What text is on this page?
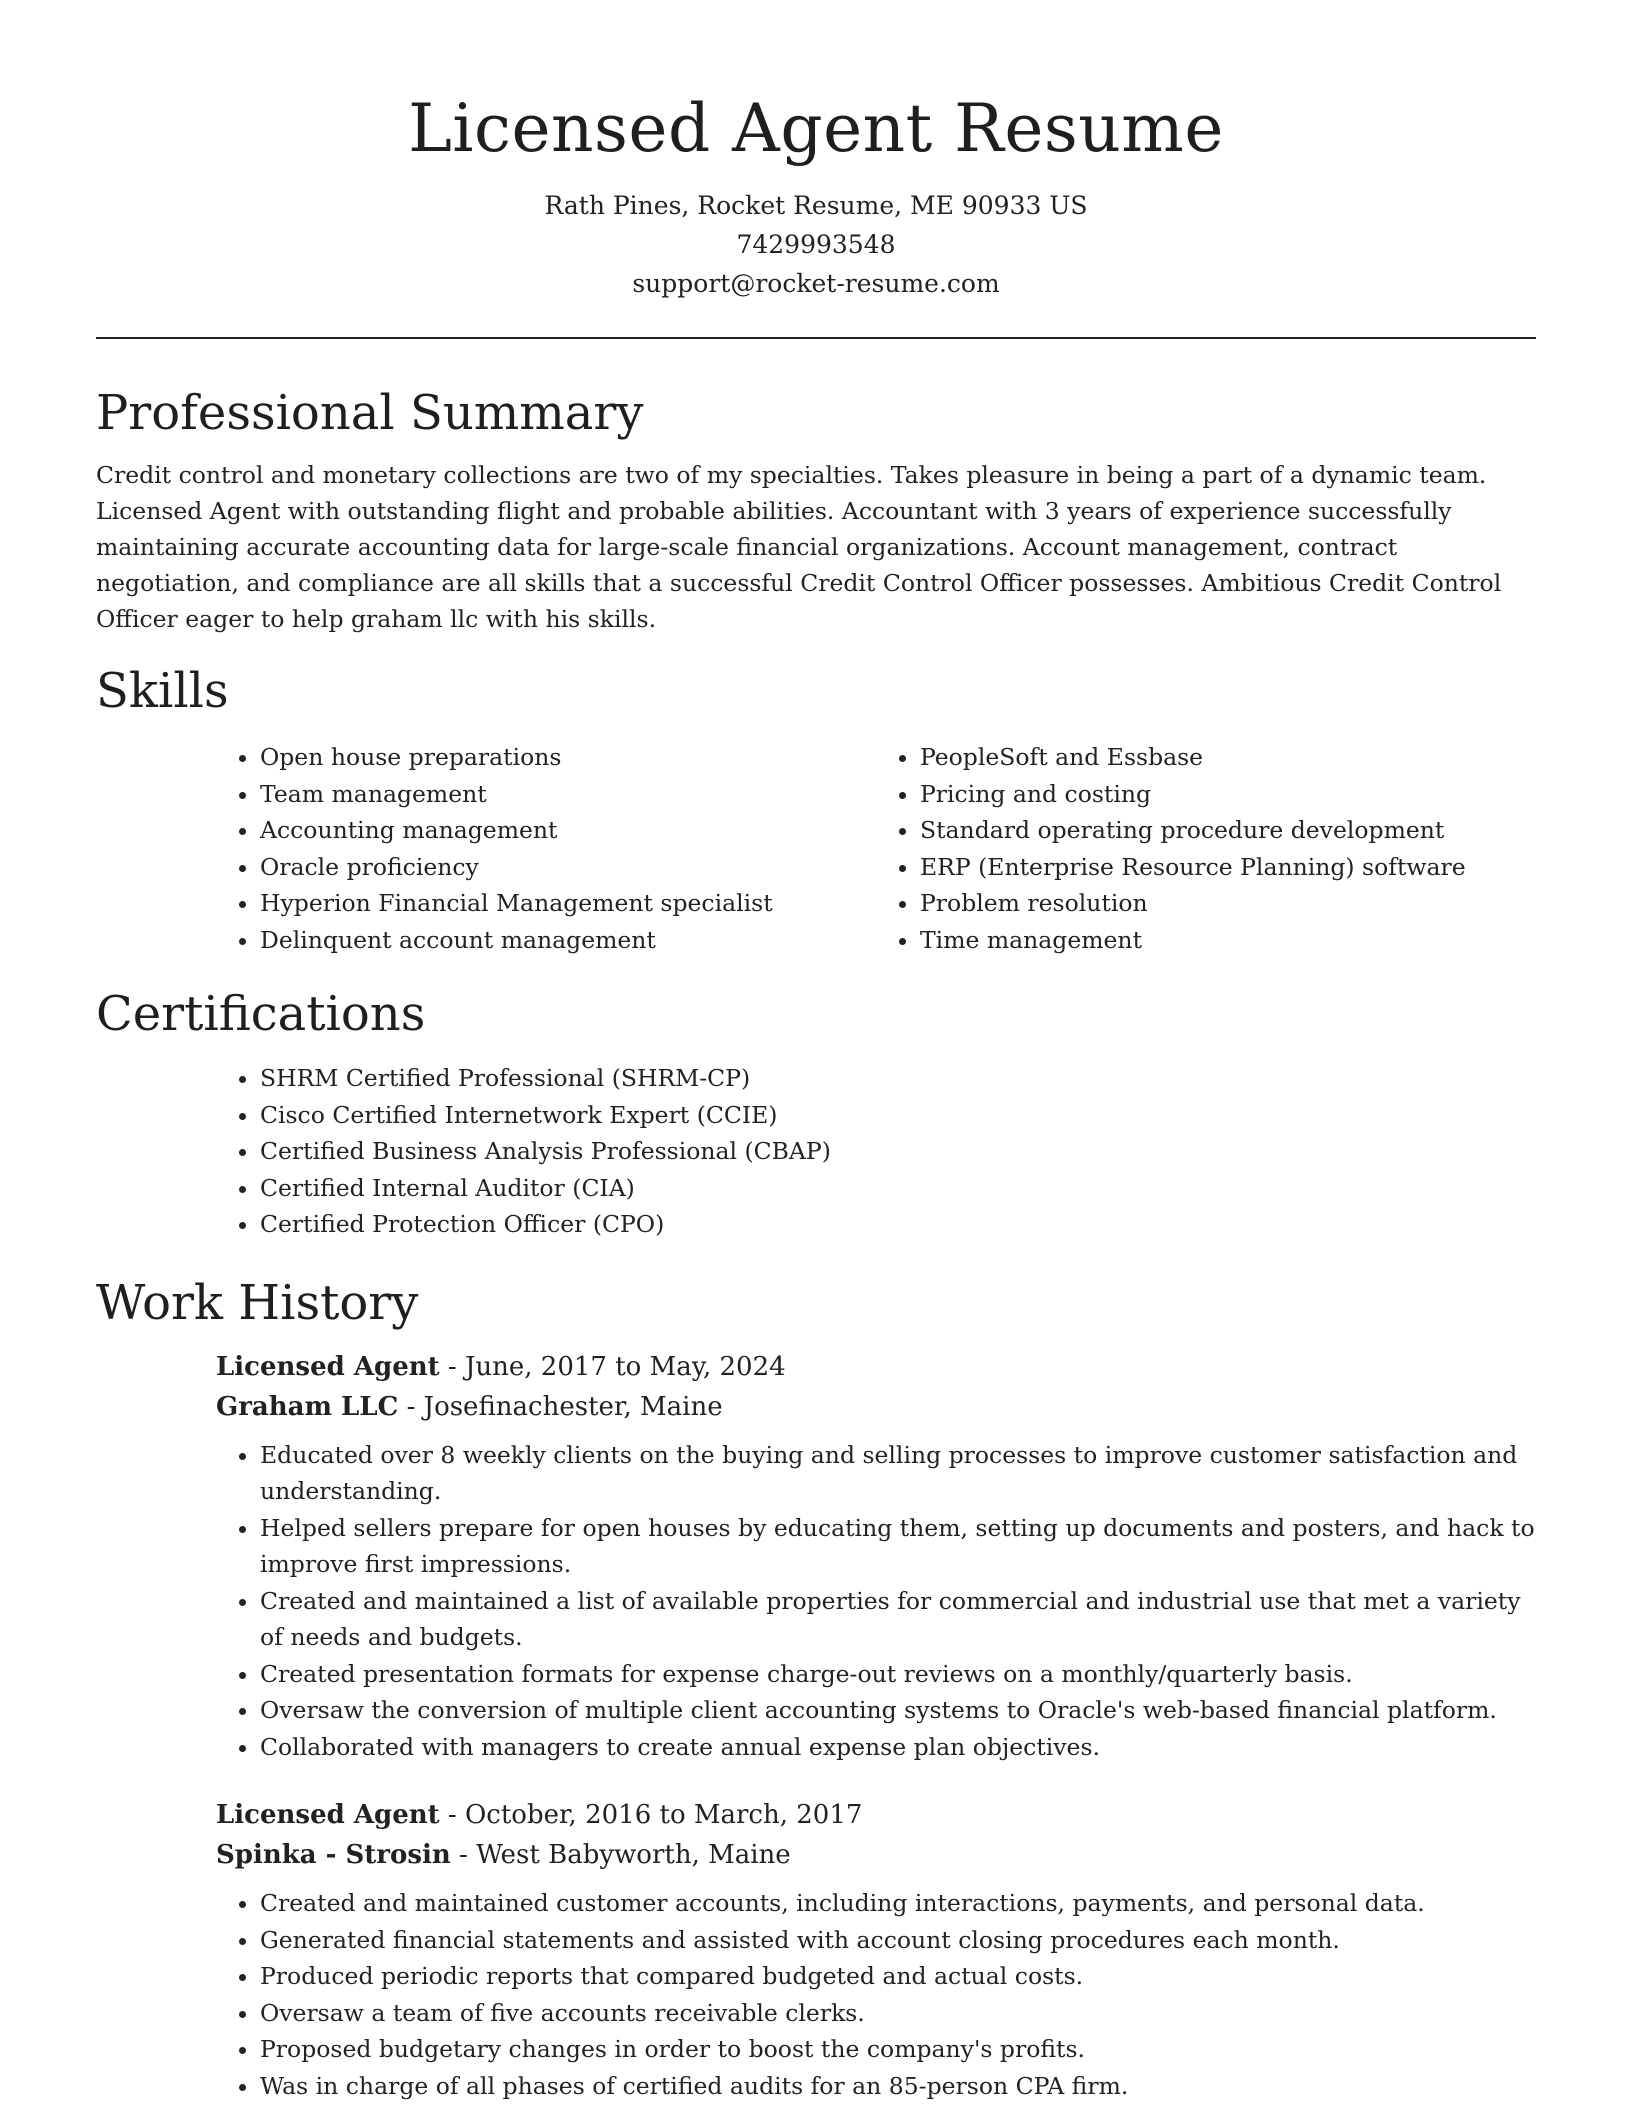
Licensed Agent Resume
Rath Pines, Rocket Resume, ME 90933 US
7429993548
support@rocket-resume.com
Professional Summary

Credit control and monetary collections are two of my specialties. Takes pleasure in being a part of a dynamic team. Licensed Agent with outstanding flight and probable abilities. Accountant with 3 years of experience successfully maintaining accurate accounting data for large-scale financial organizations. Account management, contract negotiation, and compliance are all skills that a successful Credit Control Officer possesses. Ambitious Credit Control Officer eager to help graham llc with his skills.

Skills
• Open house preparations
• Team management
• Accounting management
• Oracle proficiency
• Hyperion Financial Management specialist
• Delinquent account management
• PeopleSoft and Essbase
• Pricing and costing
• Standard operating procedure development
• ERP (Enterprise Resource Planning) software
• Problem resolution
• Time management
Certifications
• SHRM Certified Professional (SHRM-CP)
• Cisco Certified Internetwork Expert (CCIE)
• Certified Business Analysis Professional (CBAP)
• Certified Internal Auditor (CIA)
• Certified Protection Officer (CPO)
Work History
Licensed Agent - June, 2017 to May, 2024
Graham LLC - Josefinachester, Maine
• Educated over 8 weekly clients on the buying and selling processes to improve customer satisfaction and understanding.
• Helped sellers prepare for open houses by educating them, setting up documents and posters, and hack to improve first impressions.
• Created and maintained a list of available properties for commercial and industrial use that met a variety of needs and budgets.
• Created presentation formats for expense charge-out reviews on a monthly/quarterly basis.
• Oversaw the conversion of multiple client accounting systems to Oracle's web-based financial platform.
• Collaborated with managers to create annual expense plan objectives.
Licensed Agent - October, 2016 to March, 2017
Spinka - Strosin - West Babyworth, Maine
• Created and maintained customer accounts, including interactions, payments, and personal data.
• Generated financial statements and assisted with account closing procedures each month.
• Produced periodic reports that compared budgeted and actual costs.
• Oversaw a team of five accounts receivable clerks.
• Proposed budgetary changes in order to boost the company's profits.
• Was in charge of all phases of certified audits for an 85-person CPA firm.
